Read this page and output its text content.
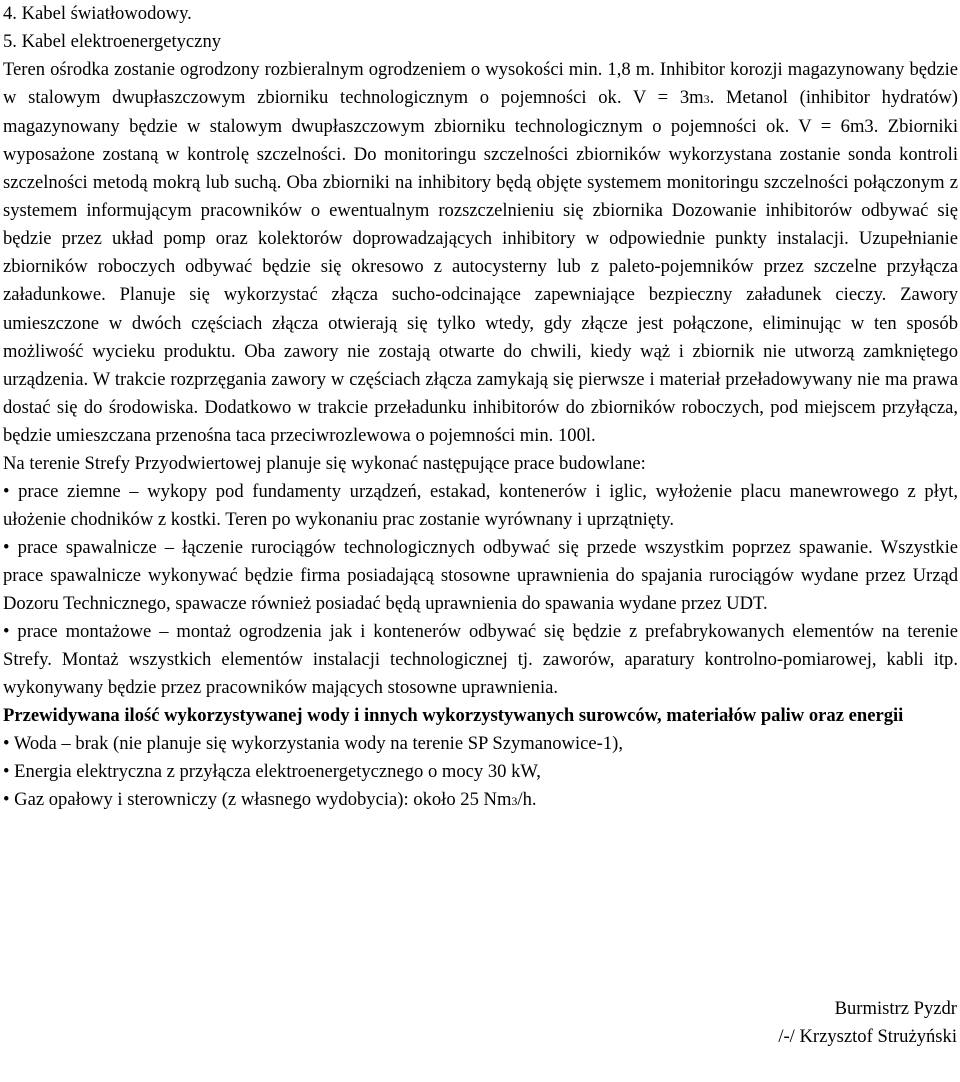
4. Kabel światłowodowy.

5. Kabel elektroenergetyczny

Teren ośrodka zostanie ogrodzony rozbieralnym ogrodzeniem o wysokości min. 1,8 m. Inhibitor korozji magazynowany będzie w stalowym dwupłaszczowym zbiorniku technologicznym o pojemności ok. V = 3m3. Metanol (inhibitor hydratów) magazynowany będzie w stalowym dwupłaszczowym zbiorniku technologicznym o pojemności ok. V = 6m3. Zbiorniki wyposażone zostaną w kontrolę szczelności. Do monitoringu szczelności zbiorników wykorzystana zostanie sonda kontroli szczelności metodą mokrą lub suchą. Oba zbiorniki na inhibitory będą objęte systemem monitoringu szczelności połączonym z systemem informującym pracowników o ewentualnym rozszczelnieniu się zbiornika Dozowanie inhibitorów odbywać się będzie przez układ pomp oraz kolektorów doprowadzających inhibitory w odpowiednie punkty instalacji. Uzupełnianie zbiorników roboczych odbywać będzie się okresowo z autocysterny lub z paleto-pojemników przez szczelne przyłącza załadunkowe. Planuje się wykorzystać złącza sucho-odcinające zapewniające bezpieczny załadunek cieczy. Zawory umieszczone w dwóch częściach złącza otwierają się tylko wtedy, gdy złącze jest połączone, eliminując w ten sposób możliwość wycieku produktu. Oba zawory nie zostają otwarte do chwili, kiedy wąż i zbiornik nie utworzą zamkniętego urządzenia. W trakcie rozprzęgania zawory w częściach złącza zamykają się pierwsze i materiał przeładowywany nie ma prawa dostać się do środowiska. Dodatkowo w trakcie przeładunku inhibitorów do zbiorników roboczych, pod miejscem przyłącza, będzie umieszczana przenośna taca przeciwrozlewowa o pojemności min. 100l.

Na terenie Strefy Przyodwiertowej planuje się wykonać następujące prace budowlane:

• prace ziemne – wykopy pod fundamenty urządzeń, estakad, kontenerów i iglic, wyłożenie placu manewrowego z płyt, ułożenie chodników z kostki. Teren po wykonaniu prac zostanie wyrównany i uprzątnięty.

• prace spawalnicze – łączenie rurociągów technologicznych odbywać się przede wszystkim poprzez spawanie. Wszystkie prace spawalnicze wykonywać będzie firma posiadającą stosowne uprawnienia do spajania rurociągów wydane przez Urząd Dozoru Technicznego, spawacze również posiadać będą uprawnienia do spawania wydane przez UDT.

• prace montażowe – montaż ogrodzenia jak i kontenerów odbywać się będzie z prefabrykowanych elementów na terenie Strefy. Montaż wszystkich elementów instalacji technologicznej tj. zaworów, aparatury kontrolno-pomiarowej, kabli itp. wykonywany będzie przez pracowników mających stosowne uprawnienia.

Przewidywana ilość wykorzystywanej wody i innych wykorzystywanych surowców, materiałów paliw oraz energii

• Woda – brak (nie planuje się wykorzystania wody na terenie SP Szymanowice-1),

• Energia elektryczna z przyłącza elektroenergetycznego o mocy 30 kW,

• Gaz opałowy i sterowniczy (z własnego wydobycia): około 25 Nm3/h.

Burmistrz Pyzdr

/-/ Krzysztof Strużyński
